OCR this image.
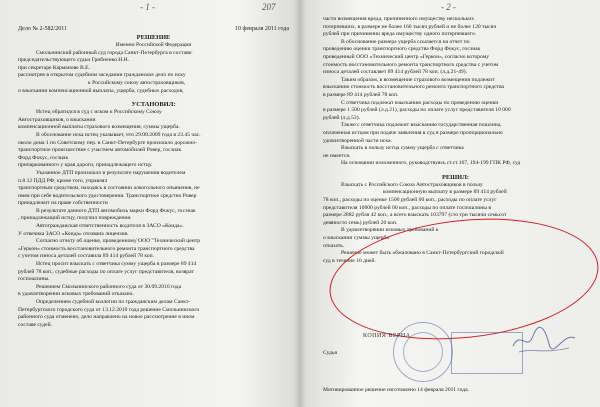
- 1 -	207
Дело № 2-582/2011	10 февраля 2011 года
РЕШЕНИЕ
Именем Российской Федерации
Смольнинский районный суд города Санкт-Петербурга в составе:
председательствующего судьи Грибненко Н.Н.
при секретаре Карманове В.Е.
рассмотрев в открытом судебном заседании гражданское дело по иску
к Российскому союзу автостраховщиков,
о взыскании компенсационной выплаты, ущерба, судебных расходов,
УСТАНОВИЛ:
Истец обратился в суд с иском к Российскому Союзу
Автостраховщиков, о взыскании
компенсационной выплаты страхового возмещения, суммы ущерба.
В обоснование иска истец указывает, что 29.08.2009 года в 23.45 час.
около дома 1 по Советскому пер. в Санкт-Петербурге произошло дорожно-
транспортное происшествие с участием автомобилей Ровер, госзнак
Форд Фокус, госзнак
припаркованного у края дороги, принадлежащего истцу.
Указанное ДТП произошло в результате нарушения водителем
п.8.12 ПДД РФ, кроме того, управлял
транспортным средством, находясь в состоянии алкогольного опьянения, не
имея при себе водительского удостоверения. Транспортное средство Ровер
принадлежит на праве собственности
В результате данного ДТП автомобиль марки Форд Фокус, госзнак
, принадлежащий истцу, получил повреждения.
Автогражданская ответственность водителя в ЗАСО «Конда».
У отвечика ЗАСО «Конда» отозвана лицензия.
Согласно отчету об оценке, проведенному ООО "Технический центр
«Геркон» стоимость восстановительного ремонта транспортного средства
с учетом износа деталей составила 89 414 рублей 78 коп.
Истец просит взыскать с ответчика сумму ущерба в размере 89 414
рублей 78 коп., судебные расходы по оплате услуг представителя, возврат
госпошлины.
Решением Смольнинского районного суда от 30.09.2010 года
в удовлетворении исковых требований отказано.
Определением судебной коллегии по гражданским делам Санкт-
Петербургского городского суда от 13.12.2010 года решение Смольнинского
районного суда отменено, дело направлено на новое рассмотрение в ином
составе судей.
- 2 -
части возмещения вреда, причиненного имуществу нескольких
потерпевших, в размере не более 160 тысяч рублей и не более 120 тысяч
рублей при причинении вреда имуществу одного потерпевшего.
В обоснование размера ущерба ссылается на отчет по
проведению оценки транспортного средства Форд Фокус, госзнак
проведенный ООО «Технический центр «Геркон», согласно которому
стоимость восстановительного ремонта транспортного средства с учетом
износа деталей составляет 89 414 рублей 78 коп. (л.д.21-49).
Таким образом, в возмещение страхового возмещения подлежит
взысканию стоимость восстановительного ремонта транспортного средства
в размере 89 414 рублей 78 коп.
С ответчика подлежат взысканию расходы по проведению оценки
в размере 1 500 рублей (л.д.21), расходы по оплате услуг представителя 10 000
рублей (л.д.53).
Также с ответчика подлежит взысканию государственная пошлина,
оплаченная истцом при подаче заявления в суд в размере пропорционально
удовлетворенной части иска.
Взыскать в пользу истца сумму ущерба с ответчика
не имеется.
На основании изложенного, руководствуясь ст.ст.167, 194-199 ГПК РФ, суд
РЕШИЛ:
Взыскать с Российского Союза Автостраховщиков в пользу
компенсационную выплату в размере 89 414 рублей
78 коп., расходы по оценке 1500 рублей 00 коп., расходы по оплате услуг
представителя 10000 рублей 00 коп., расходы по оплате госпошлины в
размере 2882 рубля 42 коп., а всего взыскать 103797 (сто три тысячи семьсот
девяносто семь) рублей 20 коп.
В удовлетворении исковых требований к
о взыскании суммы ущерба
отказать.
Решение может быть обжаловано в Санкт-Петербургский городской
суд в течение 10 дней.
Судья
КОПИЯ ВЕРНА
Мотивированное решение изготовлено 14 февраля 2011 года.
